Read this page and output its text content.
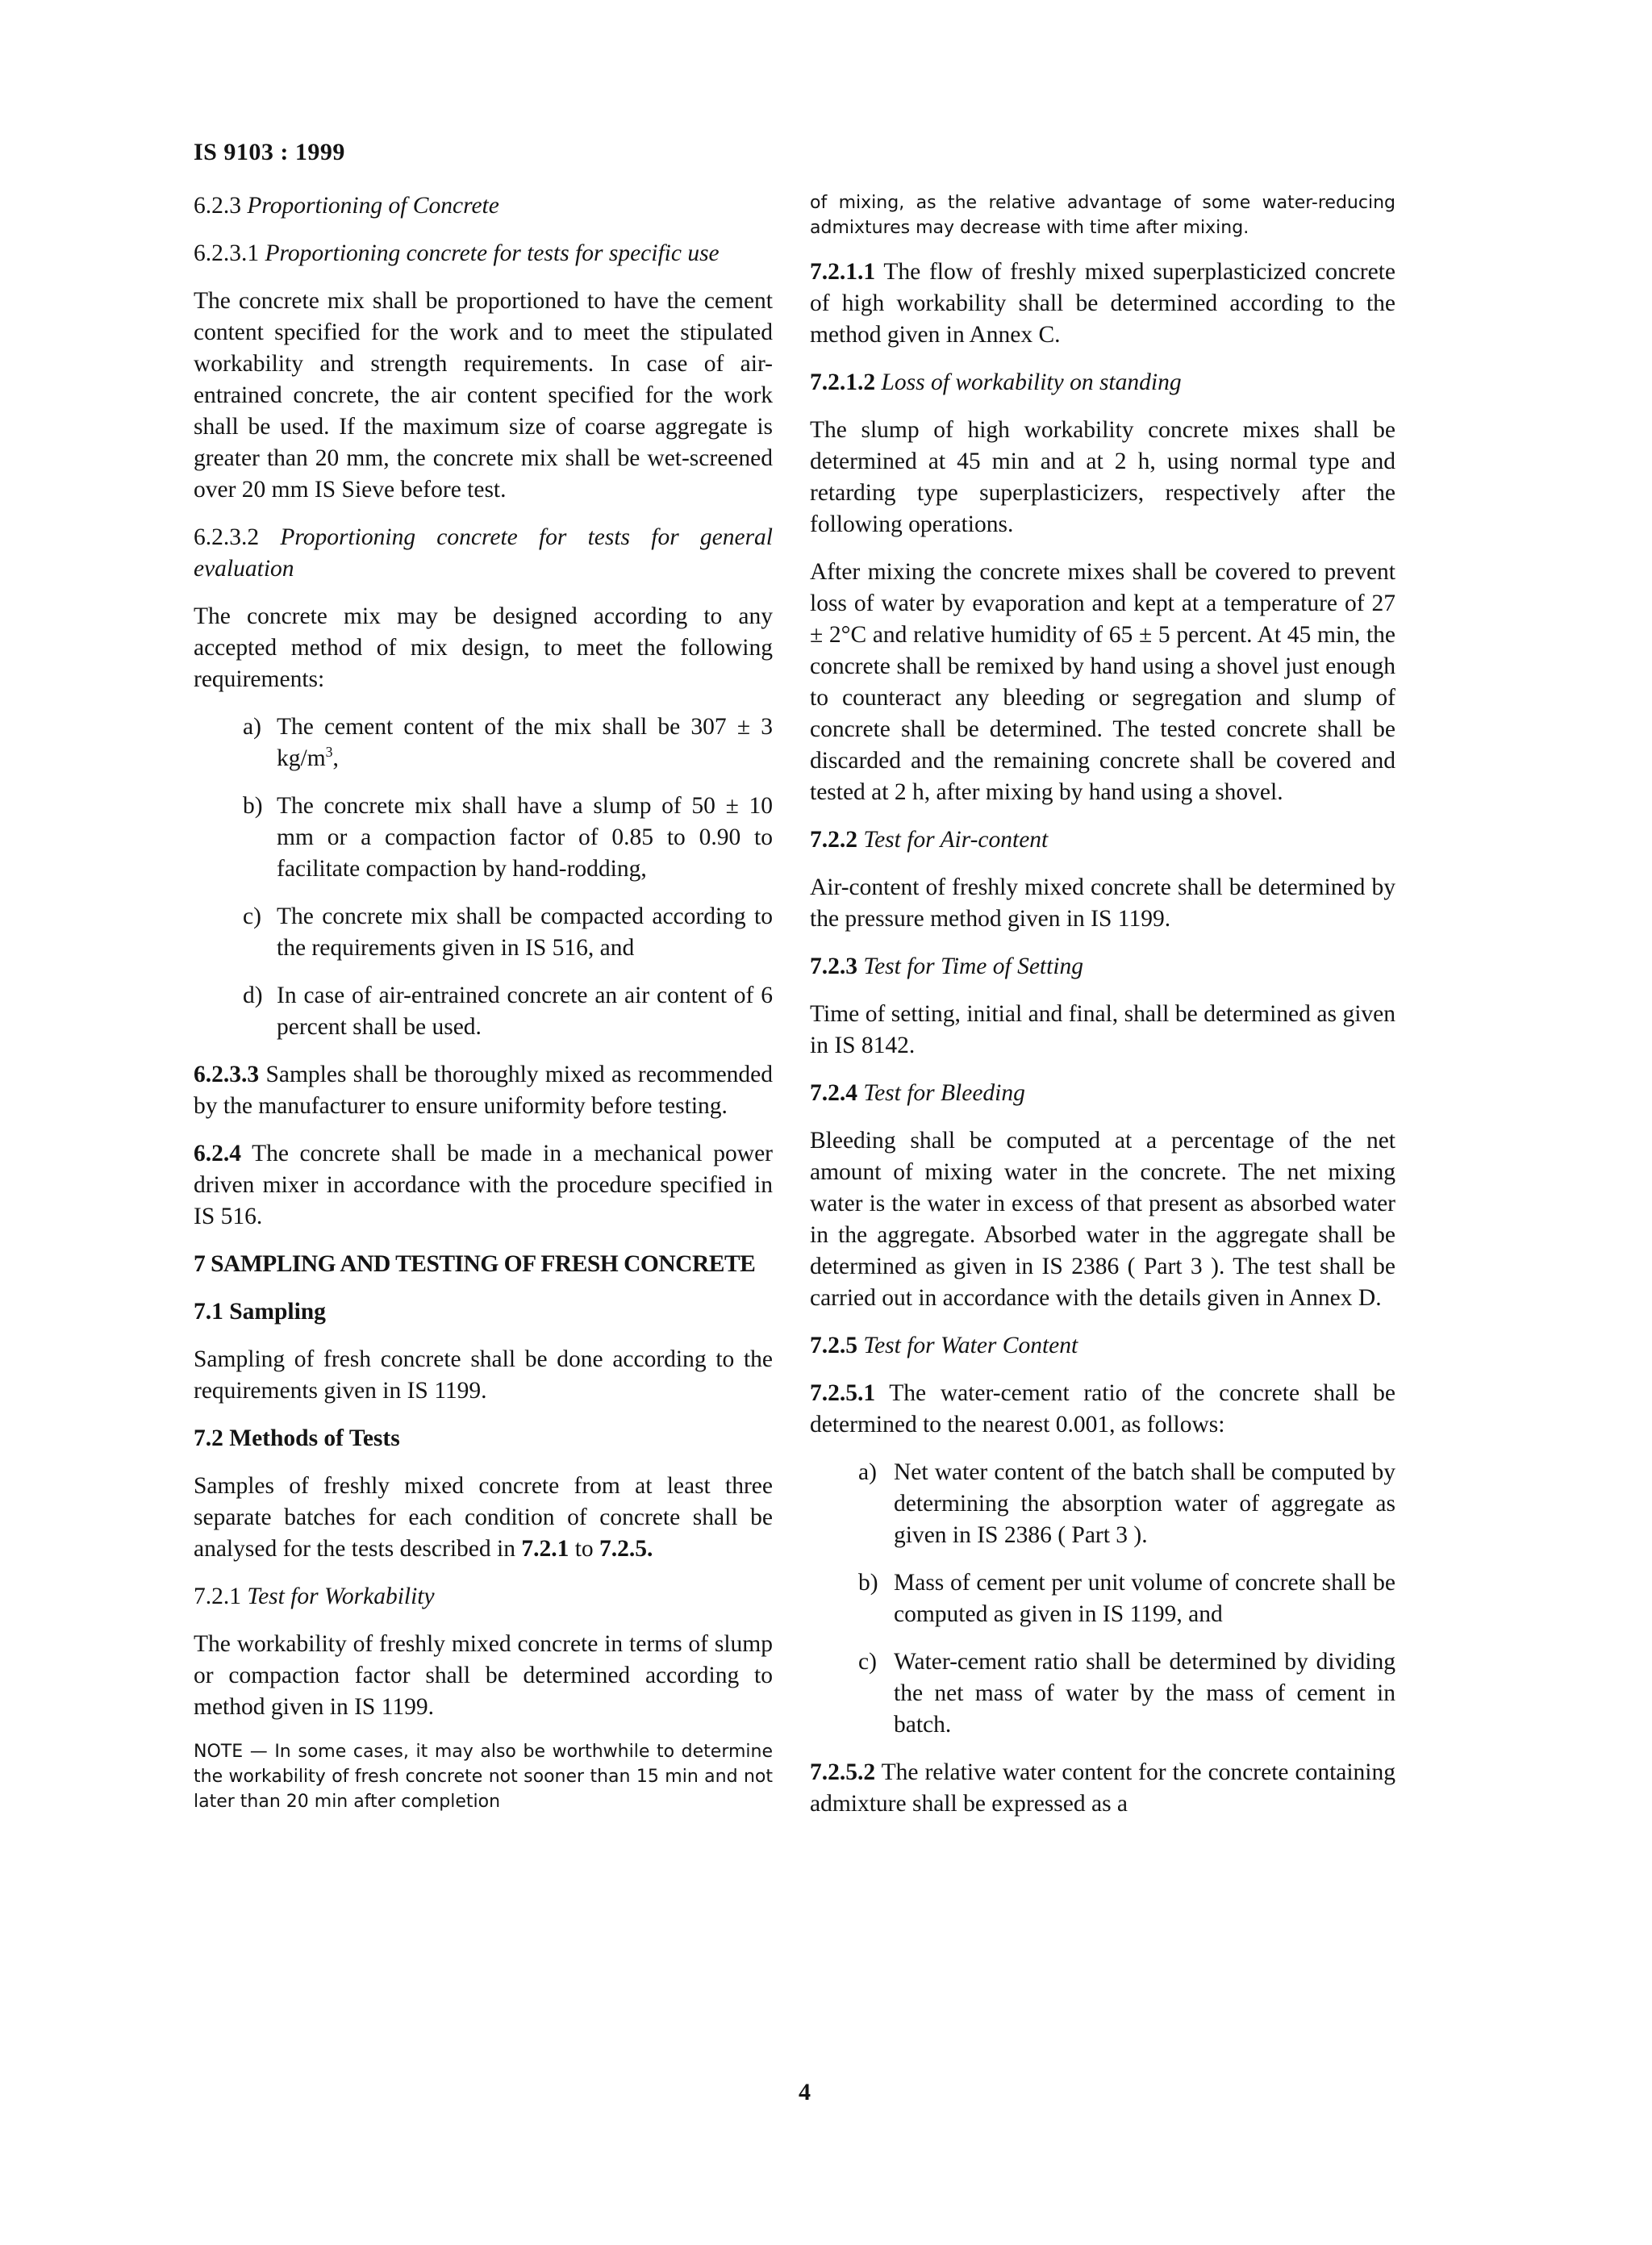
IS 9103 : 1999

6.2.3 Proportioning of Concrete

6.2.3.1 Proportioning concrete for tests for specific use

The concrete mix shall be proportioned to have the cement content specified for the work and to meet the stipulated workability and strength requirements. In case of air-entrained concrete, the air content specified for the work shall be used. If the maximum size of coarse aggregate is greater than 20 mm, the concrete mix shall be wet-screened over 20 mm IS Sieve before test.

6.2.3.2 Proportioning concrete for tests for general evaluation

The concrete mix may be designed according to any accepted method of mix design, to meet the following requirements:

a) The cement content of the mix shall be 307 ± 3 $kg/m^3$,
b) The concrete mix shall have a slump of 50 ± 10 mm or a compaction factor of 0.85 to 0.90 to facilitate compaction by hand-rodding,
c) The concrete mix shall be compacted according to the requirements given in IS 516, and
d) In case of air-entrained concrete an air content of 6 percent shall be used.

6.2.3.3 Samples shall be thoroughly mixed as recommended by the manufacturer to ensure uniformity before testing.

6.2.4 The concrete shall be made in a mechanical power driven mixer in accordance with the procedure specified in IS 516.

7 SAMPLING AND TESTING OF FRESH CONCRETE

7.1 Sampling

Sampling of fresh concrete shall be done according to the requirements given in IS 1199.

7.2 Methods of Tests

Samples of freshly mixed concrete from at least three separate batches for each condition of concrete shall be analysed for the tests described in 7.2.1 to 7.2.5.

7.2.1 Test for Workability

The workability of freshly mixed concrete in terms of slump or compaction factor shall be determined according to method given in IS 1199.

NOTE — In some cases, it may also be worthwhile to determine the workability of fresh concrete not sooner than 15 min and not later than 20 min after completion

of mixing, as the relative advantage of some water-reducing admixtures may decrease with time after mixing.

7.2.1.1 The flow of freshly mixed superplasticized concrete of high workability shall be determined according to the method given in Annex C.

7.2.1.2 Loss of workability on standing

The slump of high workability concrete mixes shall be determined at 45 min and at 2 h, using normal type and retarding type superplasticizers, respectively after the following operations.

After mixing the concrete mixes shall be covered to prevent loss of water by evaporation and kept at a temperature of 27 ± 2°C and relative humidity of 65 ± 5 percent. At 45 min, the concrete shall be remixed by hand using a shovel just enough to counteract any bleeding or segregation and slump of concrete shall be determined. The tested concrete shall be discarded and the remaining concrete shall be covered and tested at 2 h, after mixing by hand using a shovel.

7.2.2 Test for Air-content

Air-content of freshly mixed concrete shall be determined by the pressure method given in IS 1199.

7.2.3 Test for Time of Setting

Time of setting, initial and final, shall be determined as given in IS 8142.

7.2.4 Test for Bleeding

Bleeding shall be computed at a percentage of the net amount of mixing water in the concrete. The net mixing water is the water in excess of that present as absorbed water in the aggregate. Absorbed water in the aggregate shall be determined as given in IS 2386 ( Part 3 ). The test shall be carried out in accordance with the details given in Annex D.

7.2.5 Test for Water Content

7.2.5.1 The water-cement ratio of the concrete shall be determined to the nearest 0.001, as follows:

a) Net water content of the batch shall be computed by determining the absorption water of aggregate as given in IS 2386 ( Part 3 ).
b) Mass of cement per unit volume of concrete shall be computed as given in IS 1199, and
c) Water-cement ratio shall be determined by dividing the net mass of water by the mass of cement in batch.

7.2.5.2 The relative water content for the concrete containing admixture shall be expressed as a

4
